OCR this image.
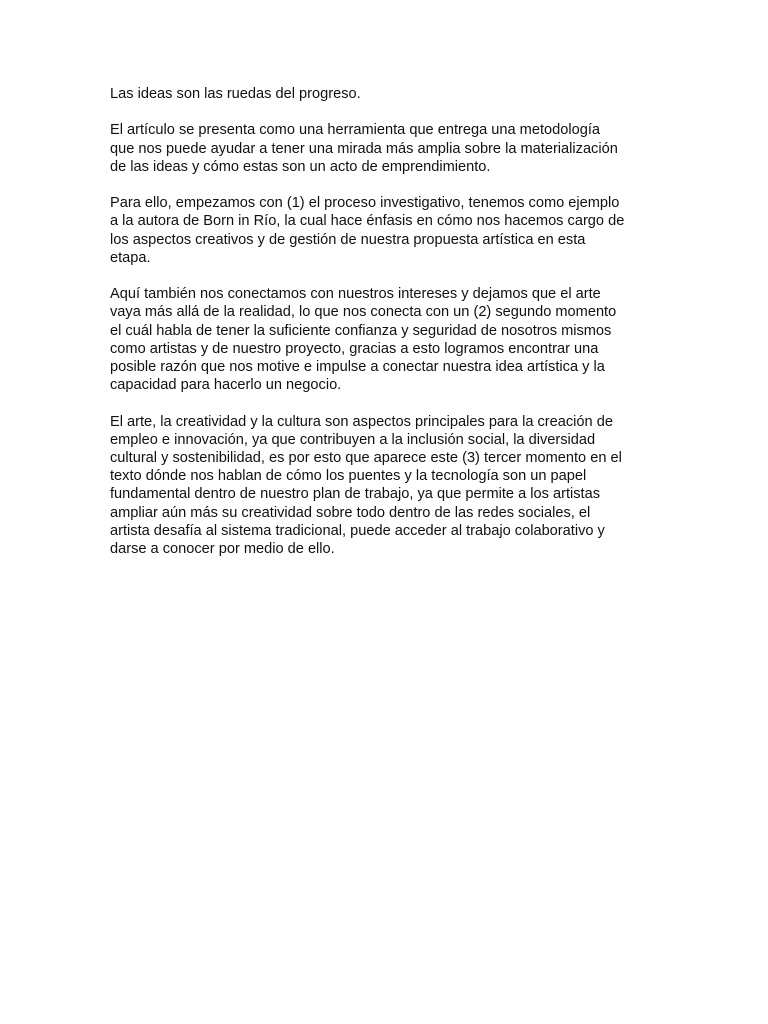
Las ideas son las ruedas del progreso.

El artículo se presenta como una herramienta que entrega una metodología
que nos puede ayudar a tener una mirada más amplia sobre la materialización
de las ideas y cómo estas son un acto de emprendimiento.

Para ello, empezamos con (1) el proceso investigativo, tenemos como ejemplo
a la autora de Born in Río, la cual hace énfasis en cómo nos hacemos cargo de
los aspectos creativos y de gestión de nuestra propuesta artística en esta
etapa.

Aquí también nos conectamos con nuestros intereses y dejamos que el arte
vaya más allá de la realidad, lo que nos conecta con un (2) segundo momento
el cuál habla de tener la suficiente confianza y seguridad de nosotros mismos
como artistas y de nuestro proyecto, gracias a esto logramos encontrar una
posible razón que nos motive e impulse a conectar nuestra idea artística y la
capacidad para hacerlo un negocio.

El arte, la creatividad y la cultura son aspectos principales para la creación de
empleo e innovación, ya que contribuyen a la inclusión social, la diversidad
cultural y sostenibilidad, es por esto que aparece este (3) tercer momento en el
texto dónde nos hablan de cómo los puentes y la tecnología son un papel
fundamental dentro de nuestro plan de trabajo, ya que permite a los artistas
ampliar aún más su creatividad sobre todo dentro de las redes sociales, el
artista desafía al sistema tradicional, puede acceder al trabajo colaborativo y
darse a conocer por medio de ello.
